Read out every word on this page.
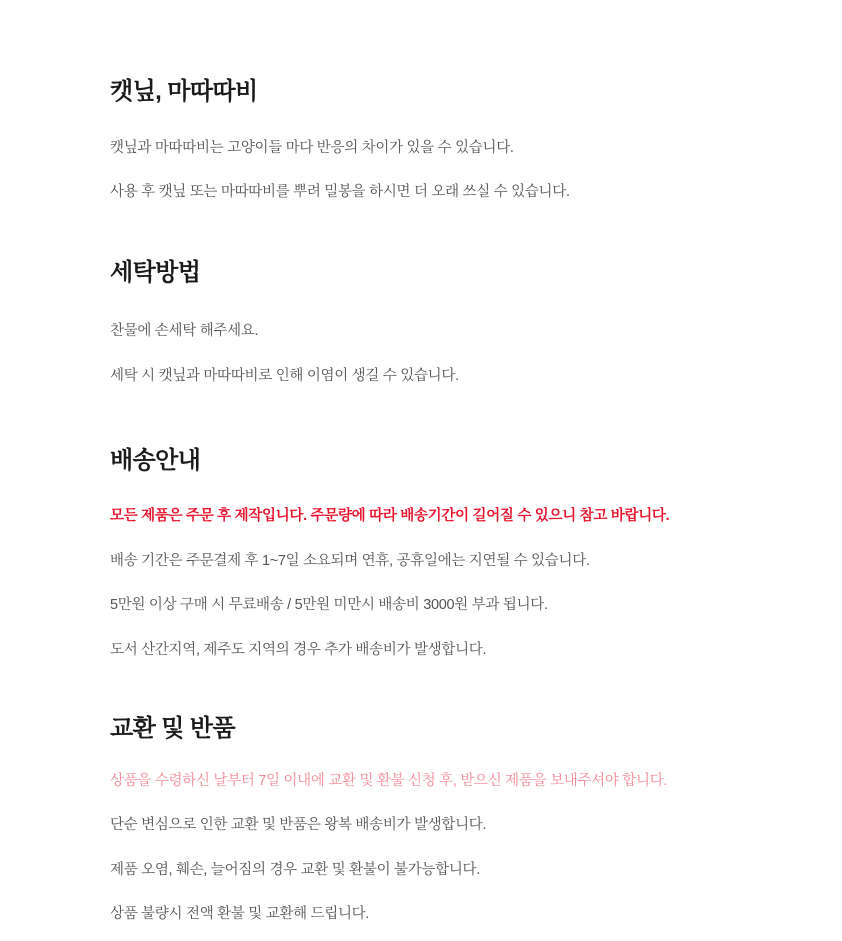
캣닢, 마따따비

캣닢과 마따따비는 고양이들 마다 반응의 차이가 있을 수 있습니다.

사용 후 캣닢 또는 마따따비를 뿌려 밀봉을 하시면 더 오래 쓰실 수 있습니다.

세탁방법

찬물에 손세탁 해주세요.

세탁 시 캣닢과 마따따비로 인해 이염이 생길 수 있습니다.

배송안내

모든 제품은 주문 후 제작입니다. 주문량에 따라 배송기간이 길어질 수 있으니 참고 바랍니다.

배송 기간은 주문결제 후 1~7일 소요되며 연휴, 공휴일에는 지연될 수 있습니다.

5만원 이상 구매 시 무료배송 / 5만원 미만시 배송비 3000원 부과 됩니다.

도서 산간지역, 제주도 지역의 경우 추가 배송비가 발생합니다.

교환 및 반품

상품을 수령하신 날부터 7일 이내에 교환 및 환불 신청 후, 받으신 제품을 보내주셔야 합니다.

단순 변심으로 인한 교환 및 반품은 왕복 배송비가 발생합니다.

제품 오염, 훼손, 늘어짐의 경우 교환 및 환불이 불가능합니다.

상품 불량시 전액 환불 및 교환해 드립니다.
